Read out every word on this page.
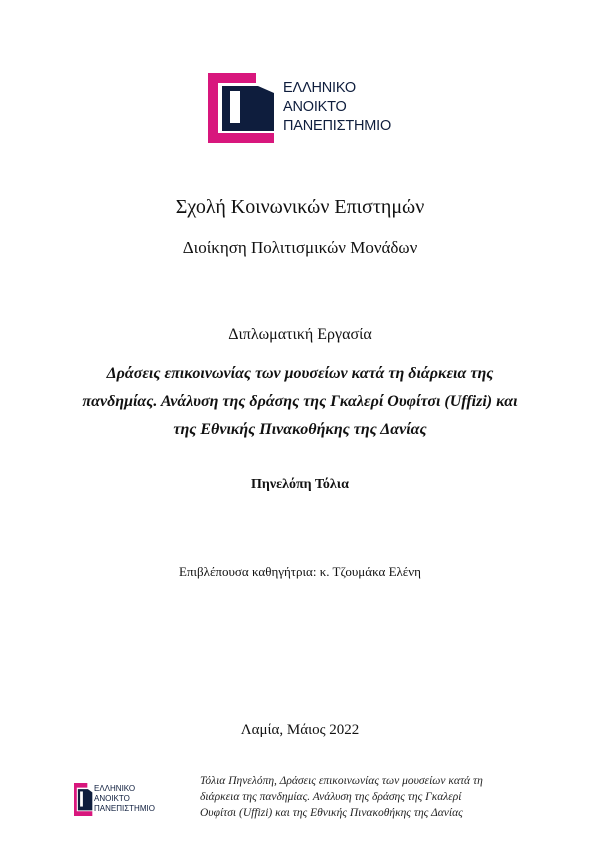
ΕΛΛΗΝΙΚΟ
ΑΝΟΙΚΤΟ
ΠΑΝΕΠΙΣΤΗΜΙΟ
Σχολή Κοινωνικών Επιστημών
Διοίκηση Πολιτισμικών Μονάδων
Διπλωματική Εργασία
Δράσεις επικοινωνίας των μουσείων κατά τη διάρκεια της
πανδημίας. Ανάλυση της δράσης της Γκαλερί Ουφίτσι (Uffizi) και
της Εθνικής Πινακοθήκης της Δανίας
Πηνελόπη Τόλια
Επιβλέπουσα καθηγήτρια: κ. Τζουμάκα Ελένη
Λαμία, Μάιος 2022
ΕΛΛΗΝΙΚΟ
ΑΝΟΙΚΤΟ
ΠΑΝΕΠΙΣΤΗΜΙΟ
Τόλια Πηνελόπη, Δράσεις επικοινωνίας των μουσείων κατά τη
διάρκεια της πανδημίας. Ανάλυση της δράσης της Γκαλερί
Ουφίτσι (Uffizi) και της Εθνικής Πινακοθήκης της Δανίας
